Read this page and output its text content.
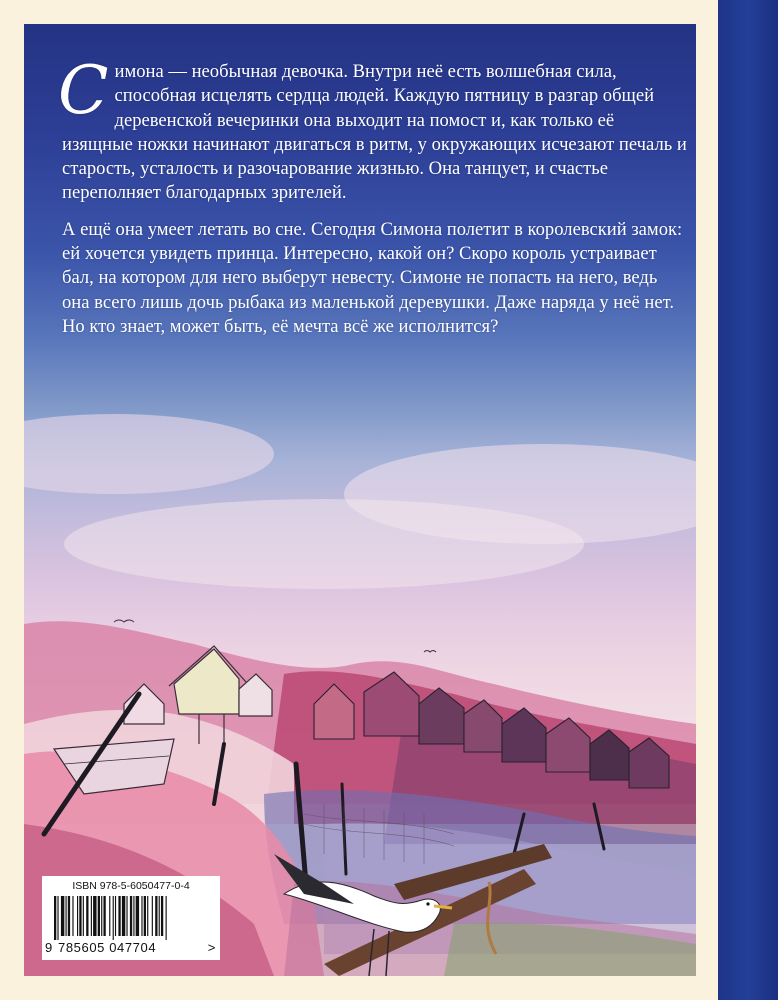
Симона — необычная девочка. Внутри неё есть волшебная сила, способная исцелять сердца людей. Каждую пятницу в разгар общей деревенской вечеринки она выходит на помост и, как только её изящные ножки начинают двигаться в ритм, у окружающих исчезают печаль и старость, усталость и разочарование жизнью. Она танцует, и счастье переполняет благодарных зрителей.

А ещё она умеет летать во сне. Сегодня Симона полетит в королевский замок: ей хочется увидеть принца. Интересно, какой он? Скоро король устраивает бал, на котором для него выберут невесту. Симоне не попасть на него, ведь она всего лишь дочь рыбака из маленькой деревушки. Даже наряда у неё нет. Но кто знает, может быть, её мечта всё же исполнится?

ISBN 978-5-6050477-0-4
9 785605 047704	>
